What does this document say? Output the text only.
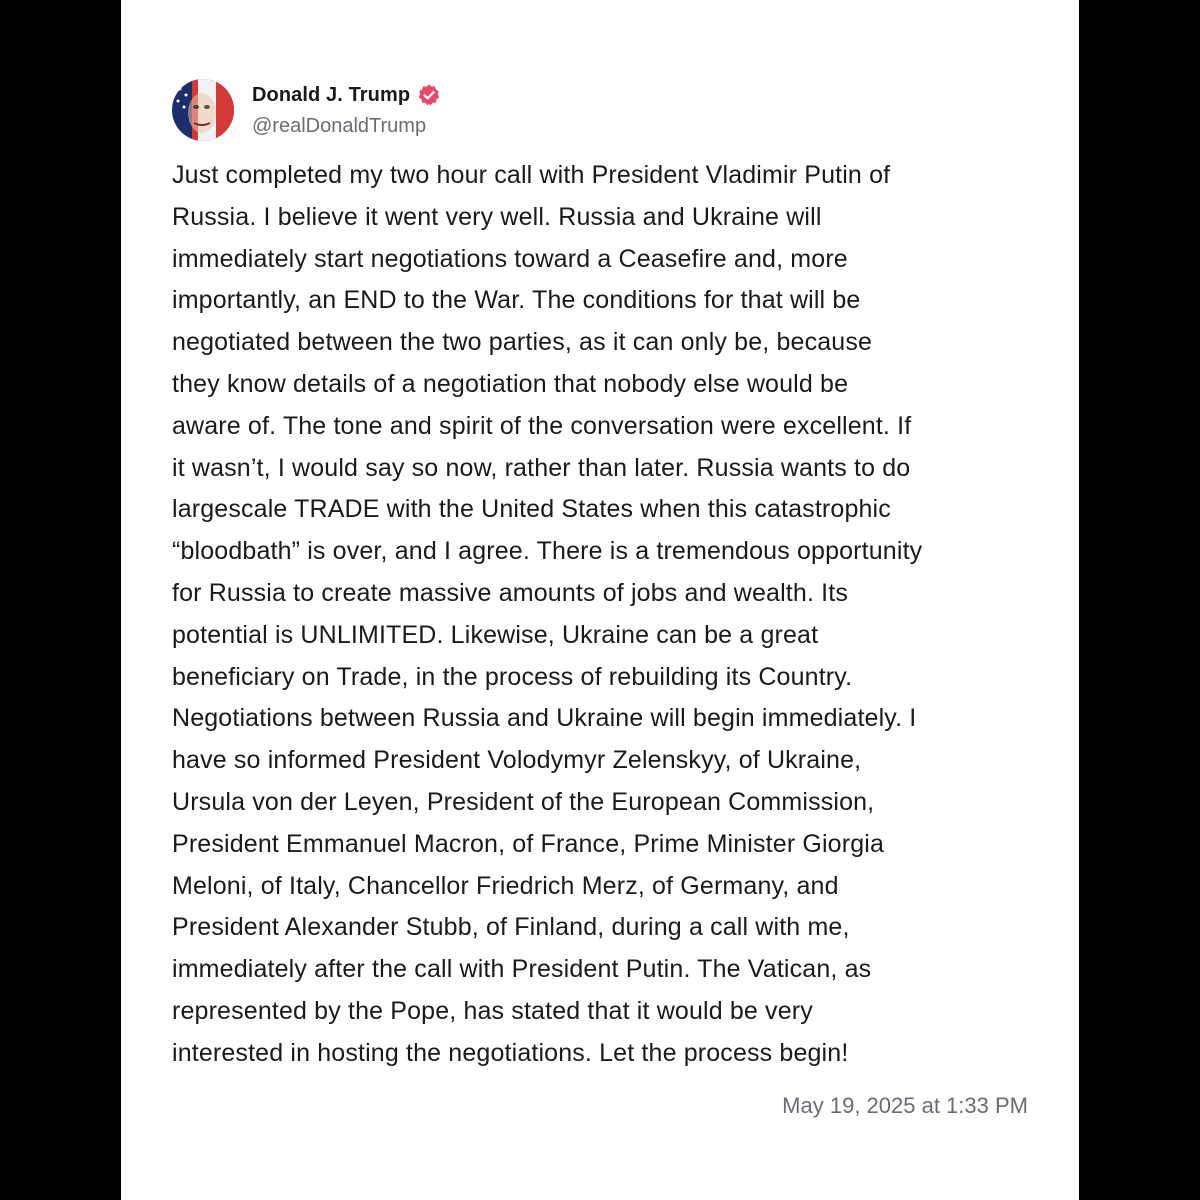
Donald J. Trump
@realDonaldTrump

Just completed my two hour call with President Vladimir Putin of
Russia. I believe it went very well. Russia and Ukraine will
immediately start negotiations toward a Ceasefire and, more
importantly, an END to the War. The conditions for that will be
negotiated between the two parties, as it can only be, because
they know details of a negotiation that nobody else would be
aware of. The tone and spirit of the conversation were excellent. If
it wasn’t, I would say so now, rather than later. Russia wants to do
largescale TRADE with the United States when this catastrophic
“bloodbath” is over, and I agree. There is a tremendous opportunity
for Russia to create massive amounts of jobs and wealth. Its
potential is UNLIMITED. Likewise, Ukraine can be a great
beneficiary on Trade, in the process of rebuilding its Country.
Negotiations between Russia and Ukraine will begin immediately. I
have so informed President Volodymyr Zelenskyy, of Ukraine,
Ursula von der Leyen, President of the European Commission,
President Emmanuel Macron, of France, Prime Minister Giorgia
Meloni, of Italy, Chancellor Friedrich Merz, of Germany, and
President Alexander Stubb, of Finland, during a call with me,
immediately after the call with President Putin. The Vatican, as
represented by the Pope, has stated that it would be very
interested in hosting the negotiations. Let the process begin!

May 19, 2025 at 1:33 PM
